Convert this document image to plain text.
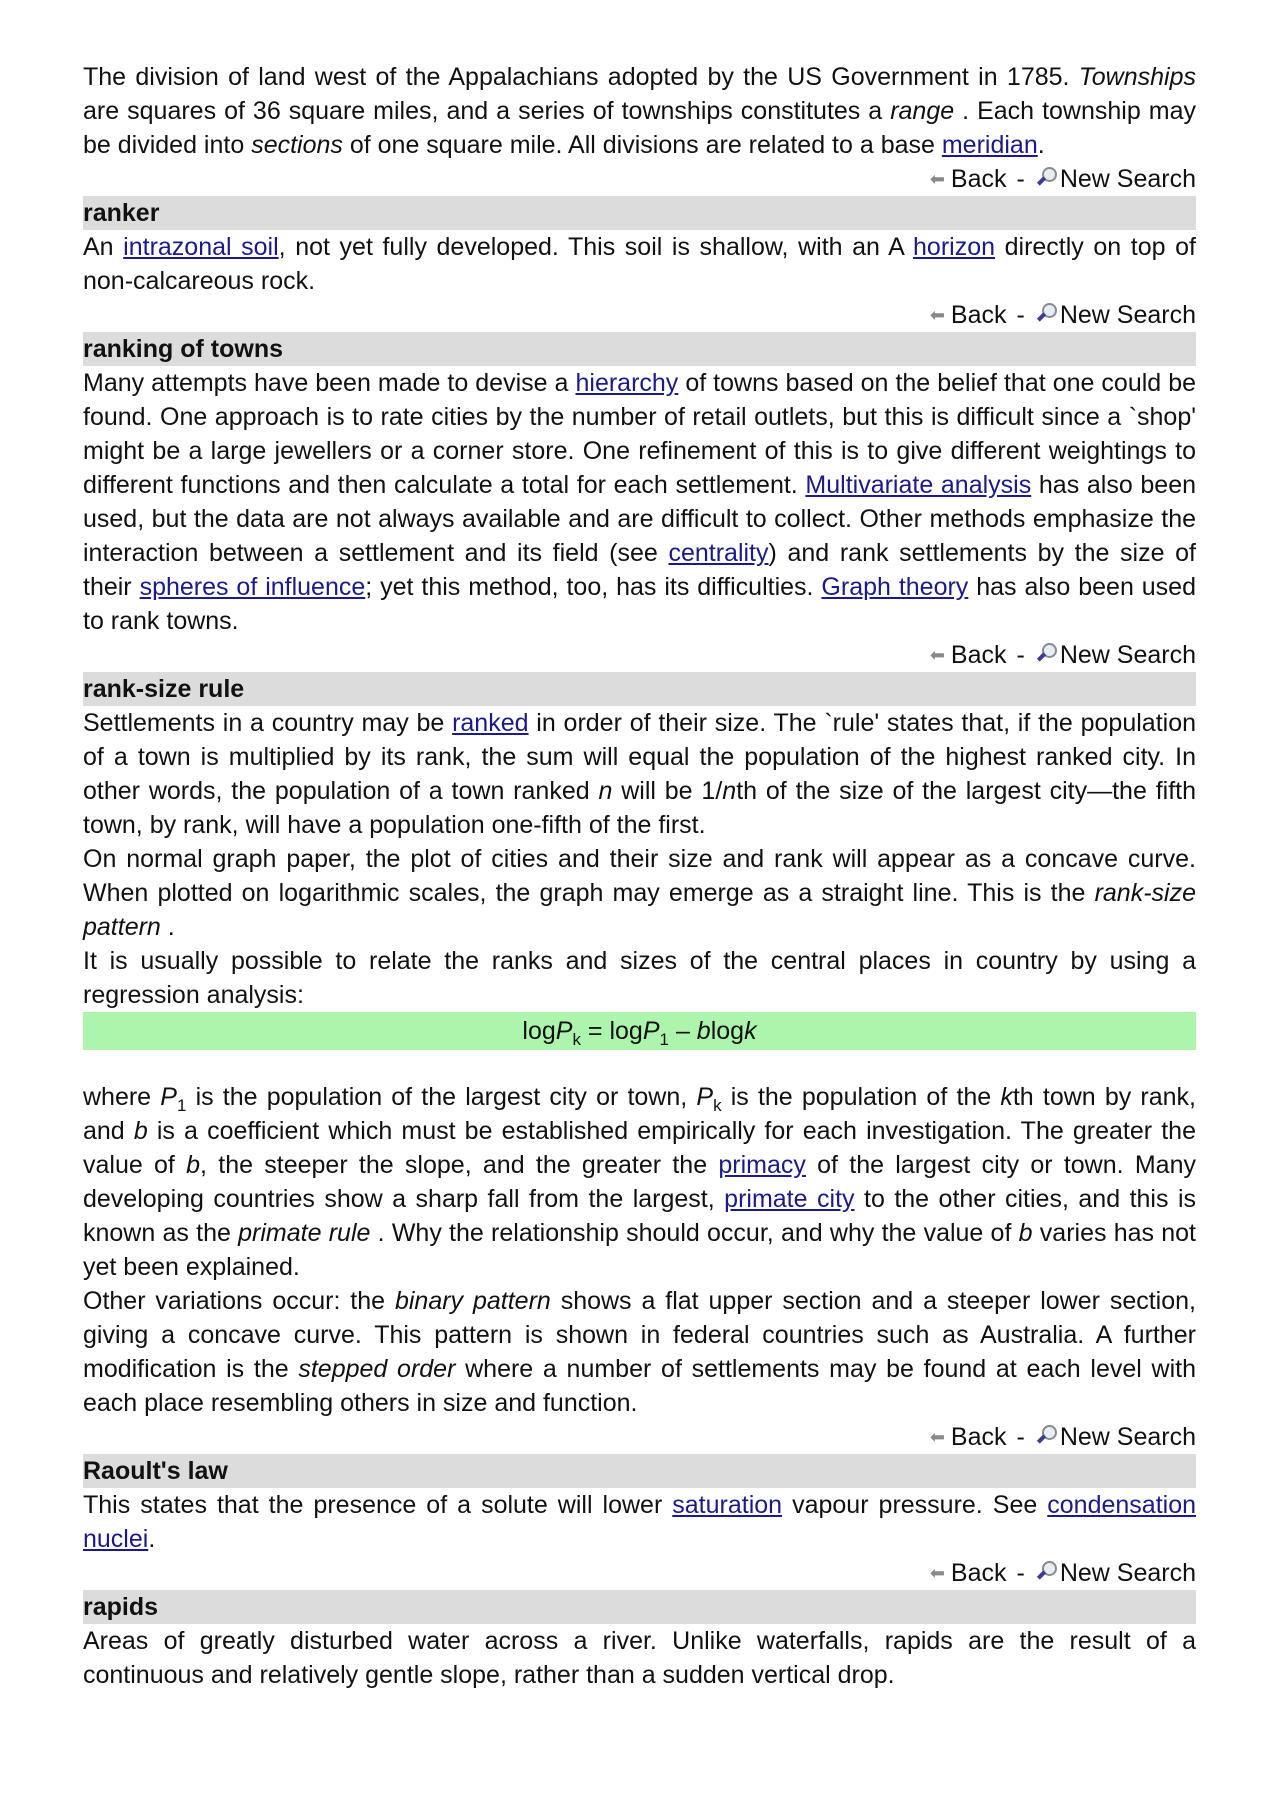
The division of land west of the Appalachians adopted by the US Government in 1785. Townships are squares of 36 square miles, and a series of townships constitutes a range . Each township may be divided into sections of one square mile. All divisions are related to a base meridian.

⬅ Back - New Search
ranker

An intrazonal soil, not yet fully developed. This soil is shallow, with an A horizon directly on top of non-calcareous rock.

⬅ Back - New Search
ranking of towns

Many attempts have been made to devise a hierarchy of towns based on the belief that one could be found. One approach is to rate cities by the number of retail outlets, but this is difficult since a `shop' might be a large jewellers or a corner store. One refinement of this is to give different weightings to different functions and then calculate a total for each settlement. Multivariate analysis has also been used, but the data are not always available and are difficult to collect. Other methods emphasize the interaction between a settlement and its field (see centrality) and rank settlements by the size of their spheres of influence; yet this method, too, has its difficulties. Graph theory has also been used to rank towns.

⬅ Back - New Search
rank-size rule

Settlements in a country may be ranked in order of their size. The `rule' states that, if the population of a town is multiplied by its rank, the sum will equal the population of the highest ranked city. In other words, the population of a town ranked n will be 1/nth of the size of the largest city—the fifth town, by rank, will have a population one-fifth of the first.

On normal graph paper, the plot of cities and their size and rank will appear as a concave curve. When plotted on logarithmic scales, the graph may emerge as a straight line. This is the rank-size pattern .

It is usually possible to relate the ranks and sizes of the central places in country by using a regression analysis:

logP$_k$ = logP$_1$ – blogk

where $P_1$ is the population of the largest city or town, $P_k$ is the population of the kth town by rank, and b is a coefficient which must be established empirically for each investigation. The greater the value of b, the steeper the slope, and the greater the primacy of the largest city or town. Many developing countries show a sharp fall from the largest, primate city to the other cities, and this is known as the primate rule . Why the relationship should occur, and why the value of b varies has not yet been explained.

Other variations occur: the binary pattern shows a flat upper section and a steeper lower section, giving a concave curve. This pattern is shown in federal countries such as Australia. A further modification is the stepped order where a number of settlements may be found at each level with each place resembling others in size and function.

⬅ Back - New Search
Raoult's law

This states that the presence of a solute will lower saturation vapour pressure. See condensation nuclei.

⬅ Back - New Search
rapids

Areas of greatly disturbed water across a river. Unlike waterfalls, rapids are the result of a continuous and relatively gentle slope, rather than a sudden vertical drop.
